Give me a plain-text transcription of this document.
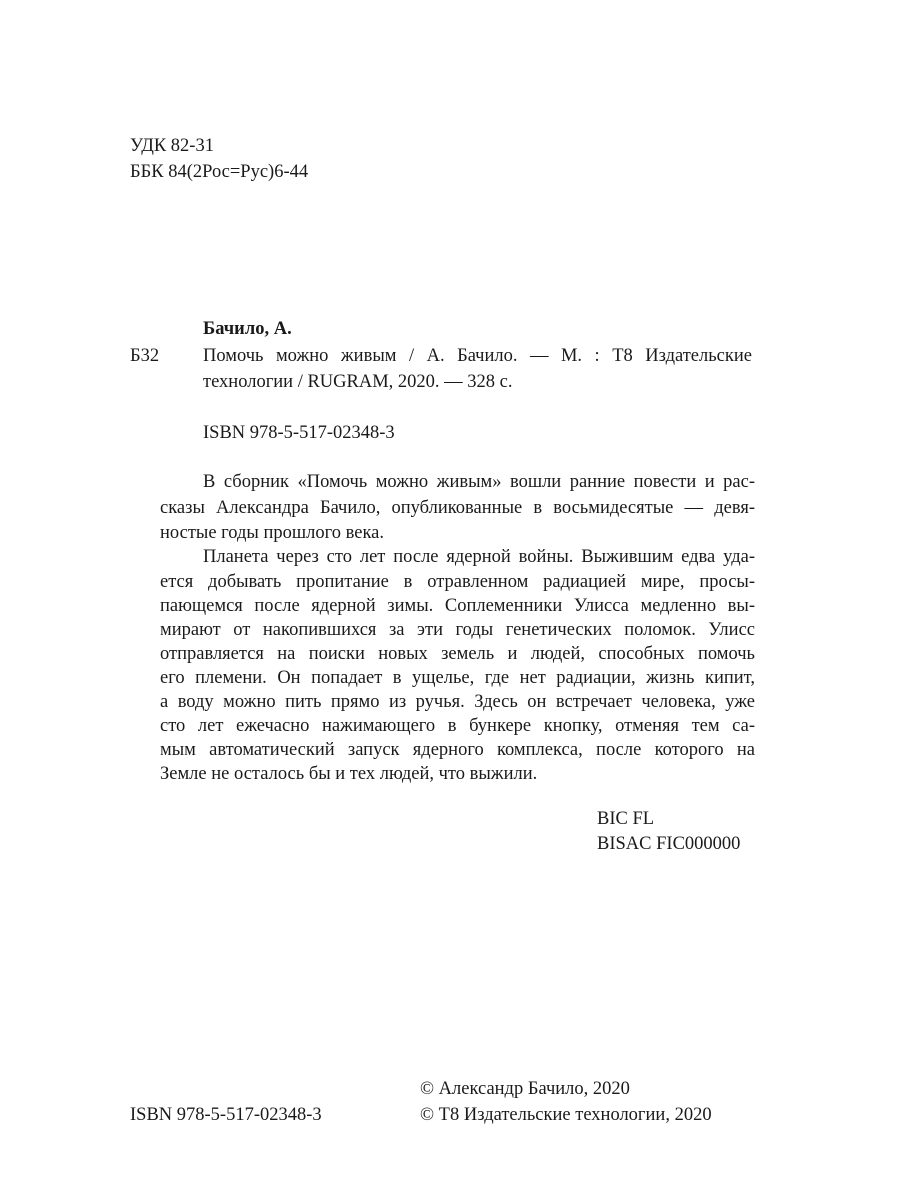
УДК 82-31
ББК 84(2Рос=Рус)6-44
Бачило, А.
Б32 Помочь можно живым / А. Бачило. — М. : Т8 Издательские
технологии / RUGRAM, 2020. — 328 с.
ISBN 978-5-517-02348-3
В сборник «Помочь можно живым» вошли ранние повести и рас-
сказы Александра Бачило, опубликованные в восьмидесятые — девя-
ностые годы прошлого века.
Планета через сто лет после ядерной войны. Выжившим едва уда-
ется добывать пропитание в отравленном радиацией мире, просы-
пающемся после ядерной зимы. Соплеменники Улисса медленно вы-
мирают от накопившихся за эти годы генетических поломок. Улисс
отправляется на поиски новых земель и людей, способных помочь
его племени. Он попадает в ущелье, где нет радиации, жизнь кипит,
а воду можно пить прямо из ручья. Здесь он встречает человека, уже
сто лет ежечасно нажимающего в бункере кнопку, отменяя тем са-
мым автоматический запуск ядерного комплекса, после которого на
Земле не осталось бы и тех людей, что выжили.
BIC FL
BISAC FIC000000
© Александр Бачило, 2020
ISBN 978-5-517-02348-3	© Т8 Издательские технологии, 2020
